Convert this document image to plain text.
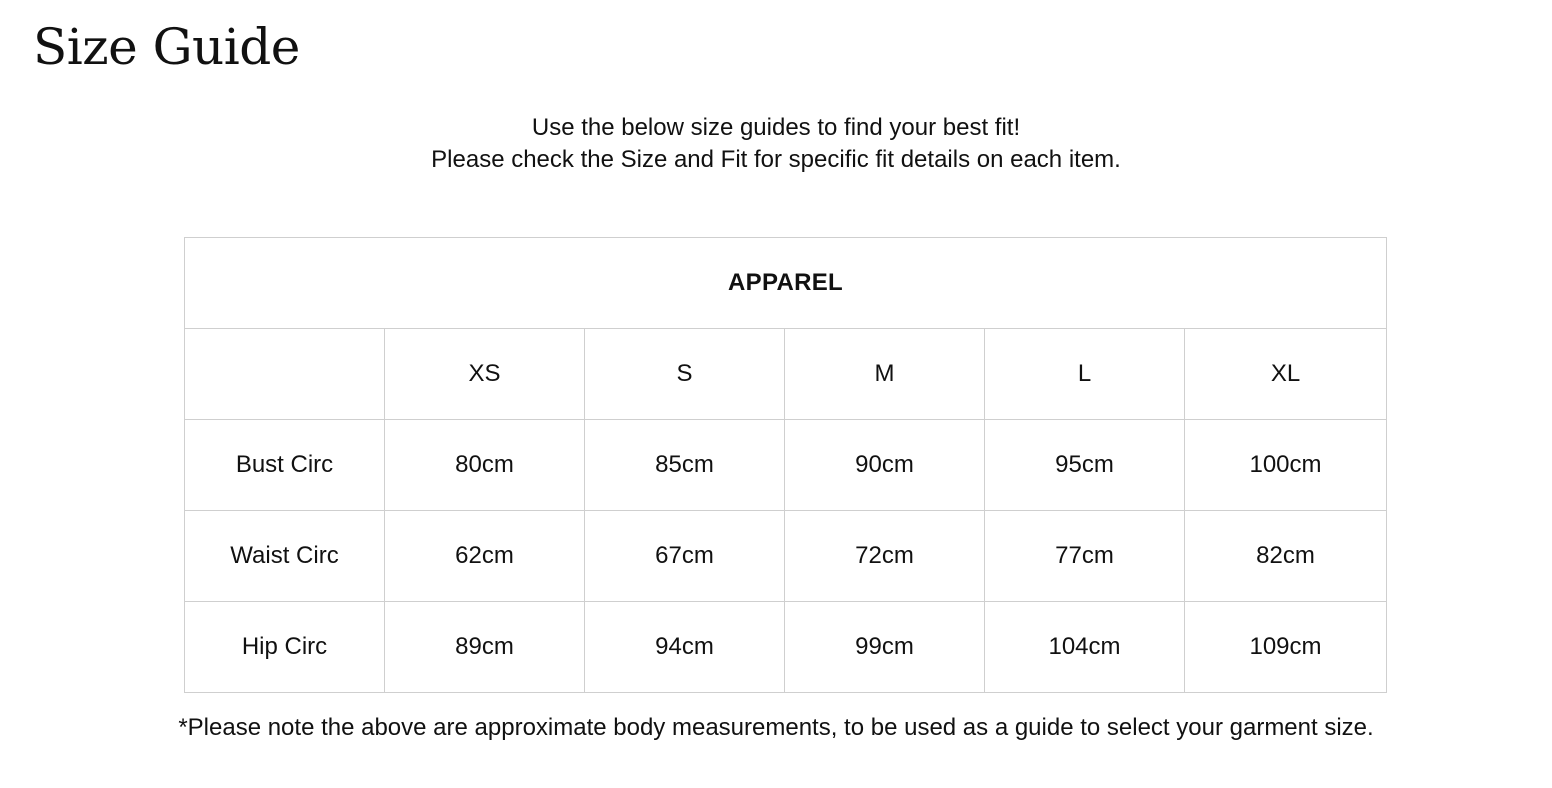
Size Guide
Use the below size guides to find your best fit!
Please check the Size and Fit for specific fit details on each item.
APPAREL					
	XS	S	M	L	XL
Bust Circ	80cm	85cm	90cm	95cm	100cm
Waist Circ	62cm	67cm	72cm	77cm	82cm
Hip Circ	89cm	94cm	99cm	104cm	109cm
*Please note the above are approximate body measurements, to be used as a guide to select your garment size.
